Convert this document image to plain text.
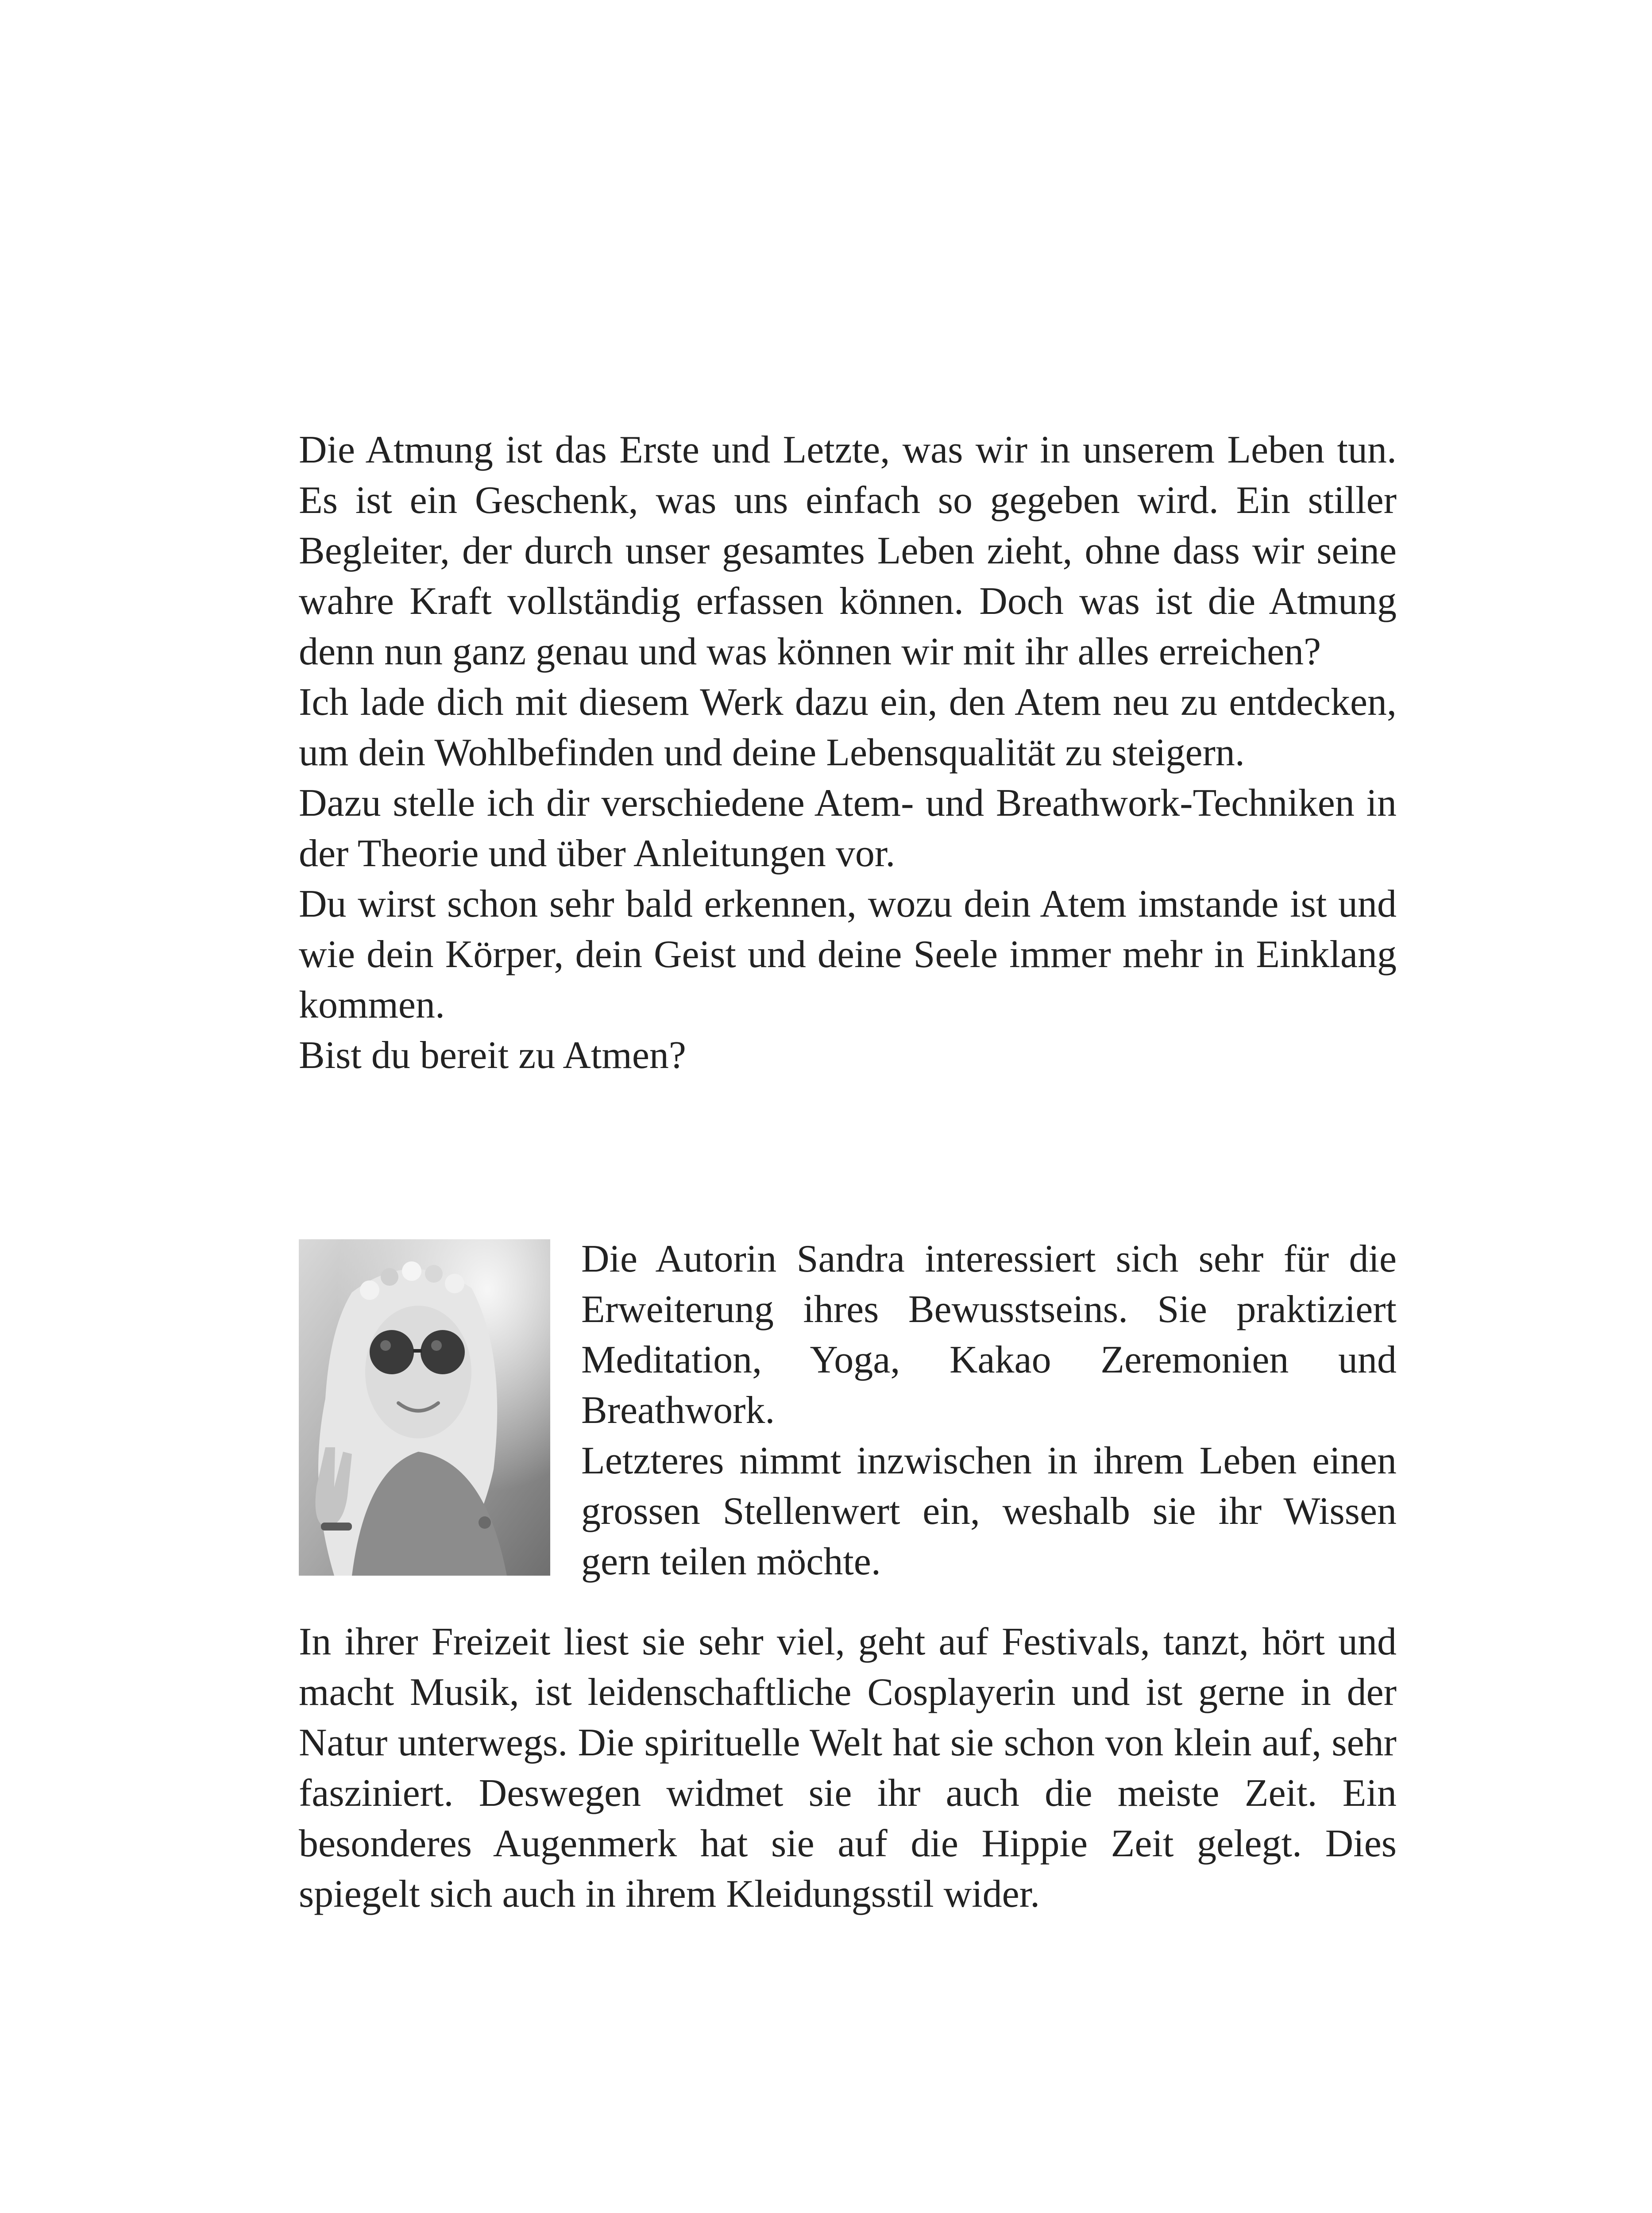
Die Atmung ist das Erste und Letzte, was wir in unserem Leben tun. Es ist ein Geschenk, was uns einfach so gegeben wird. Ein stiller Begleiter, der durch unser gesamtes Leben zieht, ohne dass wir seine wahre Kraft vollständig erfassen können. Doch was ist die Atmung denn nun ganz genau und was können wir mit ihr alles erreichen?

Ich lade dich mit diesem Werk dazu ein, den Atem neu zu entdecken, um dein Wohlbefinden und deine Lebensqualität zu steigern.

Dazu stelle ich dir verschiedene Atem- und Breathwork-Techniken in der Theorie und über Anleitungen vor.

Du wirst schon sehr bald erkennen, wozu dein Atem imstande ist und wie dein Körper, dein Geist und deine Seele immer mehr in Einklang kommen.

Bist du bereit zu Atmen?

Die Autorin Sandra interessiert sich sehr für die Erweiterung ihres Bewusstseins. Sie praktiziert Meditation, Yoga, Kakao Zeremonien und Breathwork.

Letzteres nimmt inzwischen in ihrem Leben einen grossen Stellenwert ein, weshalb sie ihr Wissen gern teilen möchte.

In ihrer Freizeit liest sie sehr viel, geht auf Festivals, tanzt, hört und macht Musik, ist leidenschaftliche Cosplayerin und ist gerne in der Natur unterwegs. Die spirituelle Welt hat sie schon von klein auf, sehr fasziniert. Deswegen widmet sie ihr auch die meiste Zeit. Ein besonderes Augenmerk hat sie auf die Hippie Zeit gelegt. Dies spiegelt sich auch in ihrem Kleidungsstil wider.
